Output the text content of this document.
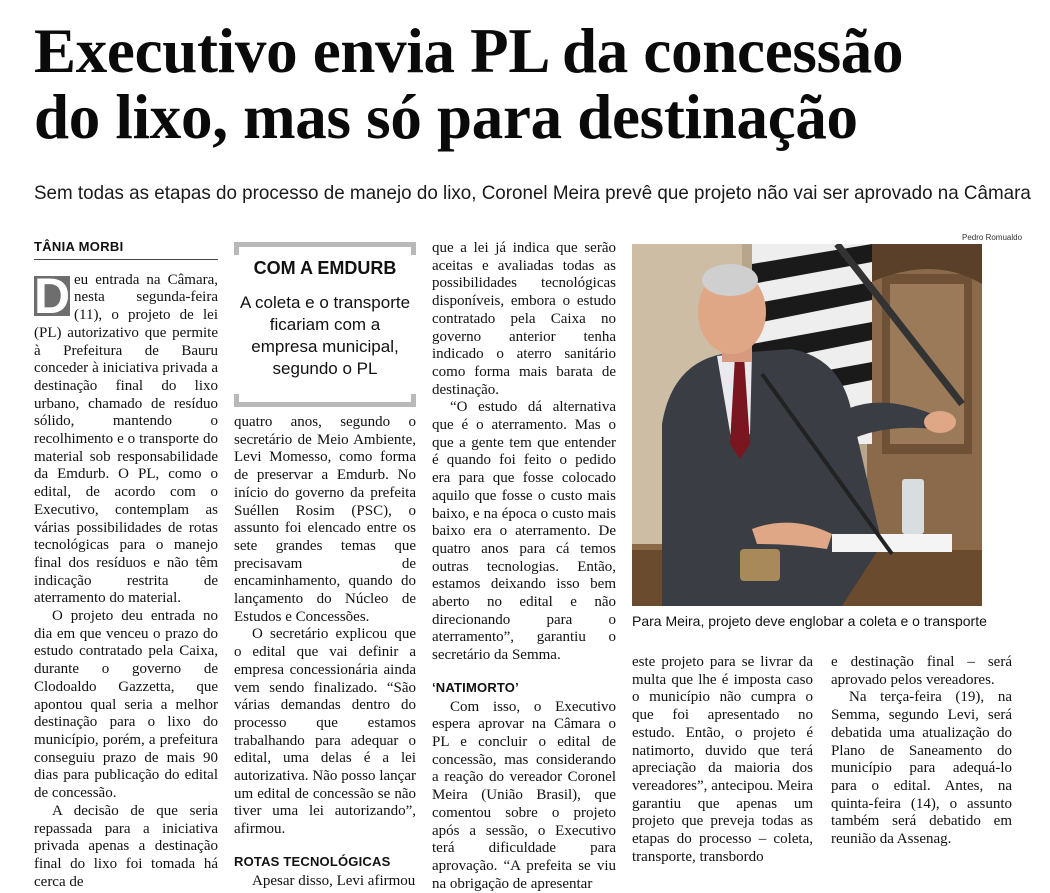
Executivo envia PL da concessão
do lixo, mas só para destinação

Sem todas as etapas do processo de manejo do lixo, Coronel Meira prevê que projeto não vai ser aprovado na Câmara

TÂNIA MORBI

D eu entrada na Câmara, nesta segunda-feira (11), o projeto de lei (PL) autorizativo que permite à Prefeitura de Bauru conceder à iniciativa privada a destinação final do lixo urbano, chamado de resíduo sólido, mantendo o recolhimento e o transporte do material sob responsabilidade da Emdurb. O PL, como o edital, de acordo com o Executivo, contemplam as várias possibilidades de rotas tecnológicas para o manejo final dos resíduos e não têm indicação restrita de aterramento do material.

O projeto deu entrada no dia em que venceu o prazo do estudo contratado pela Caixa, durante o governo de Clodoaldo Gazzetta, que apontou qual seria a melhor destinação para o lixo do município, porém, a prefeitura conseguiu prazo de mais 90 dias para publicação do edital de concessão.

A decisão de que seria repassada para a iniciativa privada apenas a destinação final do lixo foi tomada há cerca de

COM A EMDURB
A coleta e o transporte ficariam com a empresa municipal, segundo o PL

quatro anos, segundo o secretário de Meio Ambiente, Levi Momesso, como forma de preservar a Emdurb. No início do governo da prefeita Suéllen Rosim (PSC), o assunto foi elencado entre os sete grandes temas que precisavam de encaminhamento, quando do lançamento do Núcleo de Estudos e Concessões.

O secretário explicou que o edital que vai definir a empresa concessionária ainda vem sendo finalizado. “São várias demandas dentro do processo que estamos trabalhando para adequar o edital, uma delas é a lei autorizativa. Não posso lançar um edital de concessão se não tiver uma lei autorizando”, afirmou.

ROTAS TECNOLÓGICAS

Apesar disso, Levi afirmou

que a lei já indica que serão aceitas e avaliadas todas as possibilidades tecnológicas disponíveis, embora o estudo contratado pela Caixa no governo anterior tenha indicado o aterro sanitário como forma mais barata de destinação.

“O estudo dá alternativa que é o aterramento. Mas o que a gente tem que entender é quando foi feito o pedido era para que fosse colocado aquilo que fosse o custo mais baixo, e na época o custo mais baixo era o aterramento. De quatro anos para cá temos outras tecnologias. Então, estamos deixando isso bem aberto no edital e não direcionando para o aterramento”, garantiu o secretário da Semma.

‘NATIMORTO’

Com isso, o Executivo espera aprovar na Câmara o PL e concluir o edital de concessão, mas considerando a reação do vereador Coronel Meira (União Brasil), que comentou sobre o projeto após a sessão, o Executivo terá dificuldade para aprovação. “A prefeita se viu na obrigação de apresentar

Pedro Romualdo
Para Meira, projeto deve englobar a coleta e o transporte

este projeto para se livrar da multa que lhe é imposta caso o município não cumpra o que foi apresentado no estudo. Então, o projeto é natimorto, duvido que terá apreciação da maioria dos vereadores”, antecipou. Meira garantiu que apenas um projeto que preveja todas as etapas do processo – coleta, transporte, transbordo

e destinação final – será aprovado pelos vereadores.

Na terça-feira (19), na Semma, segundo Levi, será debatida uma atualização do Plano de Saneamento do município para adequá-lo para o edital. Antes, na quinta-feira (14), o assunto também será debatido em reunião da Assenag.
